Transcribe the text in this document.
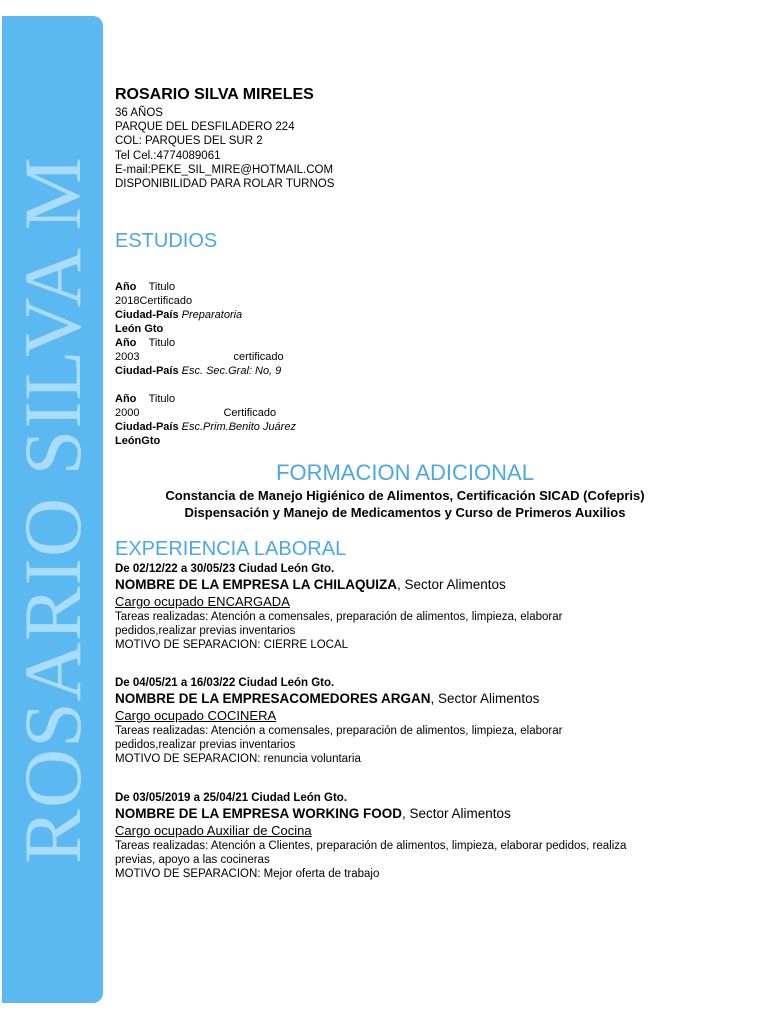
ROSARIO SILVA M
ROSARIO SILVA MIRELES
36 AÑOS
PARQUE DEL DESFILADERO 224
COL: PARQUES DEL SUR 2
Tel Cel.:4774089061
E-mail:PEKE_SIL_MIRE@HOTMAIL.COM
DISPONIBILIDAD PARA ROLAR TURNOS
ESTUDIOS
Año Titulo
2018Certificado
Ciudad-País Preparatoria
León Gto
Año Titulo
2003	certificado
Ciudad-País Esc. Sec.Gral: No, 9
Año Titulo
2000	Certificado
Ciudad-País Esc.Prim.Benito Juárez
LeónGto
FORMACION ADICIONAL
Constancia de Manejo Higiénico de Alimentos, Certificación SICAD (Cofepris) Dispensación y Manejo de Medicamentos y Curso de Primeros Auxilios
EXPERIENCIA LABORAL
De 02/12/22 a 30/05/23 Ciudad León Gto.
NOMBRE DE LA EMPRESA LA CHILAQUIZA, Sector Alimentos
Cargo ocupado ENCARGADA
Tareas realizadas: Atención a comensales, preparación de alimentos, limpieza, elaborar pedidos,realizar previas inventarios
MOTIVO DE SEPARACION: CIERRE LOCAL
De 04/05/21 a 16/03/22 Ciudad León Gto.
NOMBRE DE LA EMPRESACOMEDORES ARGAN, Sector Alimentos
Cargo ocupado COCINERA
Tareas realizadas: Atención a comensales, preparación de alimentos, limpieza, elaborar pedidos,realizar previas inventarios
MOTIVO DE SEPARACION: renuncia voluntaria
De 03/05/2019 a 25/04/21 Ciudad León Gto.
NOMBRE DE LA EMPRESA WORKING FOOD, Sector Alimentos
Cargo ocupado Auxiliar de Cocina
Tareas realizadas: Atención a Clientes, preparación de alimentos, limpieza, elaborar pedidos, realiza previas, apoyo a las cocineras
MOTIVO DE SEPARACION: Mejor oferta de trabajo
